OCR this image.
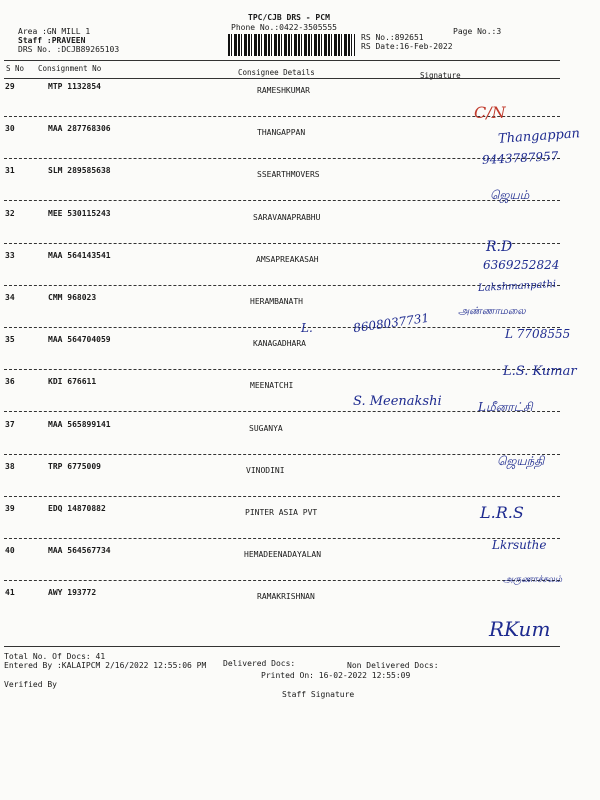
TPC/CJB DRS - PCM
Phone No.:0422-3505555	Page No.:3
Area :GN MILL 1
Staff :PRAVEEN
DRS No. :DCJB89265103
RS No.:892651
RS Date:16-Feb-2022
S No Consignment No	Consignee Details	Signature
29	MTP 1132854	RAMESHKUMAR
30	MAA 287768306	THANGAPPAN
31	SLM 289585638	SSEARTHMOVERS
32	MEE 530115243	SARAVANAPRABHU
33	MAA 564143541	AMSAPREAKASAH
34	CMM 968023	HERAMBANATH
35	MAA 564704059	KANAGADHARA
36	KDI 676611	MEENATCHI
37	MAA 565899141	SUGANYA
38	TRP 6775009	VINODINI
39	EDQ 14870882	PINTER ASIA PVT
40	MAA 564567734	HEMADEENADAYALAN
41	AWY 193772	RAMAKRISHNAN
C/N
Thangappan
9443787957
ஜெயம்
R.D
6369252824
Lakshmanpathi
L.	8608037731	அண்ணாமலை
L 7708555
L.S. Kumar
S. Meenakshi	Lமீனாட்சி
ஜெயந்தி
L.R.S
Lkrsuthe
அருணாச்சலம்
RKum
Total No. Of Docs: 41
Delivered Docs:	Non Delivered Docs:
Entered By :KALAIPCM 2/16/2022 12:55:06 PM
Printed On: 16-02-2022 12:55:09
Verified By
Staff Signature
